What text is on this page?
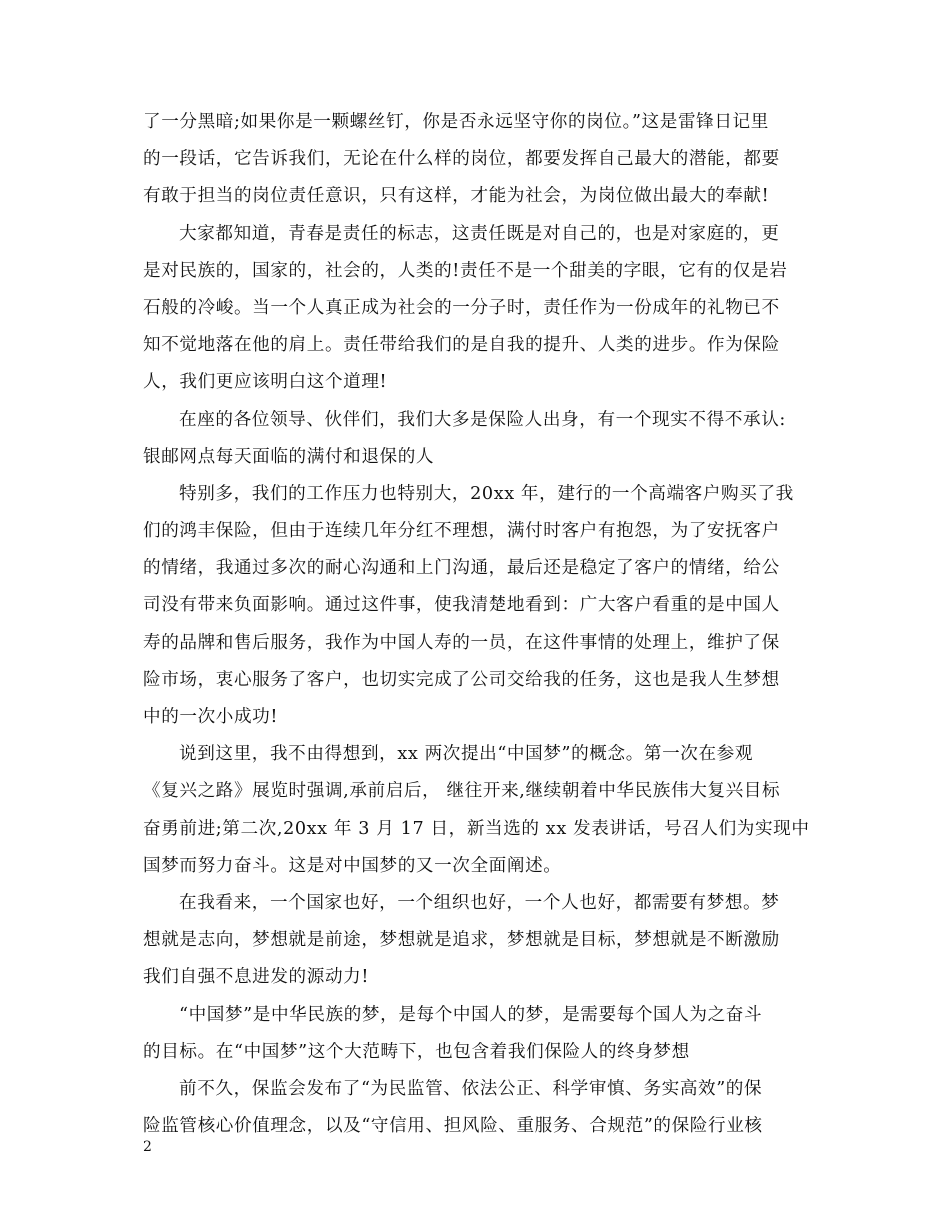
了一分黑暗;如果你是一颗螺丝钉，你是否永远坚守你的岗位。”这是雷锋日记里
的一段话，它告诉我们，无论在什么样的岗位，都要发挥自己最大的潜能，都要
有敢于担当的岗位责任意识，只有这样，才能为社会，为岗位做出最大的奉献!
大家都知道，青春是责任的标志，这责任既是对自己的，也是对家庭的，更
是对民族的，国家的，社会的，人类的!责任不是一个甜美的字眼，它有的仅是岩
石般的冷峻。当一个人真正成为社会的一分子时，责任作为一份成年的礼物已不
知不觉地落在他的肩上。责任带给我们的是自我的提升、人类的进步。作为保险
人，我们更应该明白这个道理!
在座的各位领导、伙伴们，我们大多是保险人出身，有一个现实不得不承认:
银邮网点每天面临的满付和退保的人
特别多，我们的工作压力也特别大，20xx 年，建行的一个高端客户购买了我
们的鸿丰保险，但由于连续几年分红不理想，满付时客户有抱怨，为了安抚客户
的情绪，我通过多次的耐心沟通和上门沟通，最后还是稳定了客户的情绪，给公
司没有带来负面影响。通过这件事，使我清楚地看到：广大客户看重的是中国人
寿的品牌和售后服务，我作为中国人寿的一员，在这件事情的处理上，维护了保
险市场，衷心服务了客户，也切实完成了公司交给我的任务，这也是我人生梦想
中的一次小成功!
说到这里，我不由得想到，xx 两次提出“中国梦”的概念。第一次在参观
《复兴之路》展览时强调,承前启后， 继往开来,继续朝着中华民族伟大复兴目标
奋勇前进;第二次,20xx 年 3 月 17 日，新当选的 xx 发表讲话，号召人们为实现中
国梦而努力奋斗。这是对中国梦的又一次全面阐述。
在我看来，一个国家也好，一个组织也好，一个人也好，都需要有梦想。梦
想就是志向，梦想就是前途，梦想就是追求，梦想就是目标，梦想就是不断激励
我们自强不息进发的源动力!
“中国梦”是中华民族的梦，是每个中国人的梦，是需要每个国人为之奋斗
的目标。在“中国梦”这个大范畴下，也包含着我们保险人的终身梦想
前不久，保监会发布了“为民监管、依法公正、科学审慎、务实高效”的保
险监管核心价值理念，以及“守信用、担风险、重服务、合规范”的保险行业核
2
